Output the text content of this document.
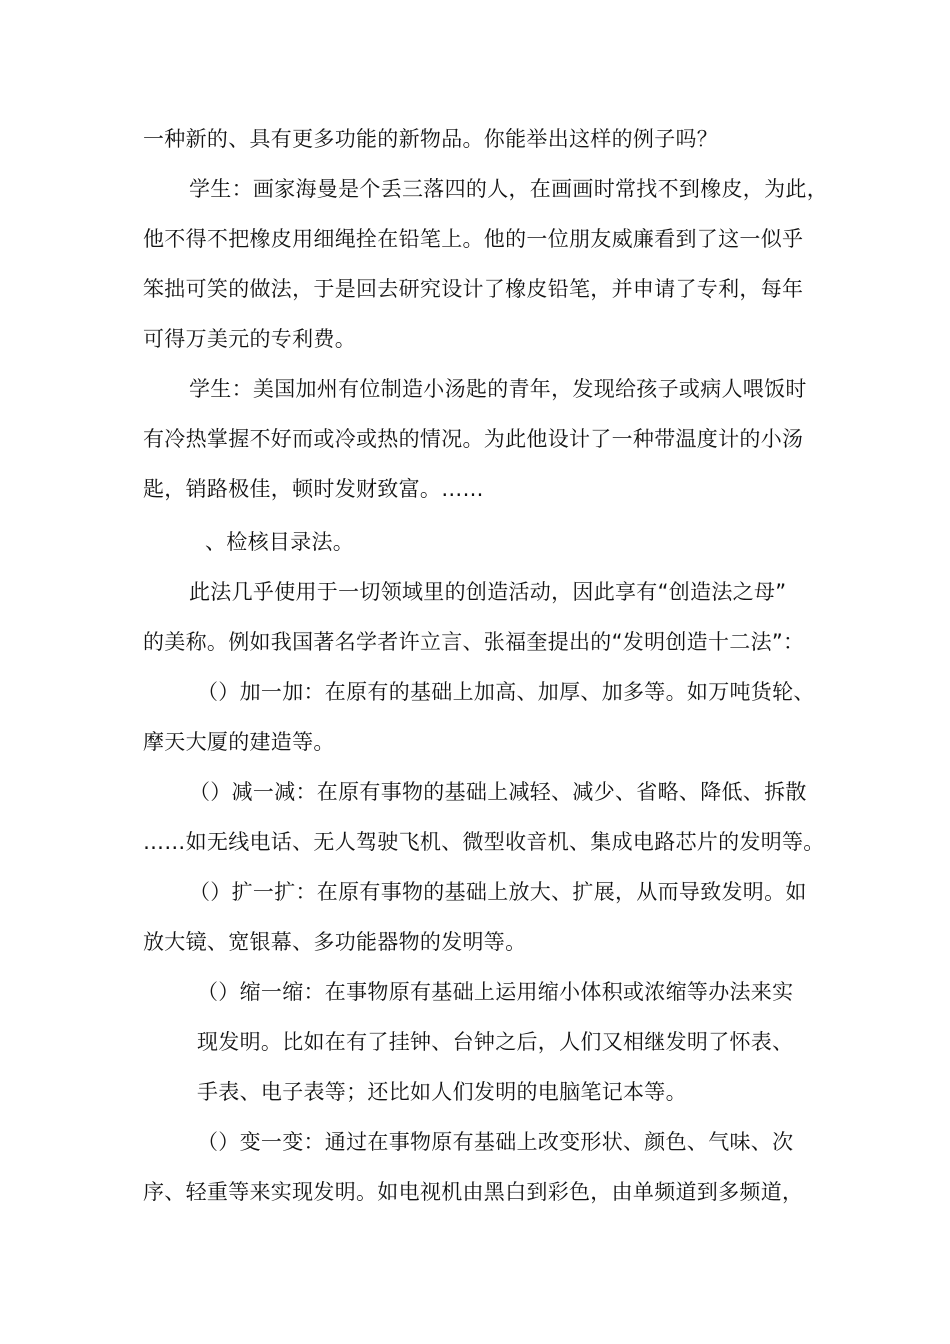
一种新的、具有更多功能的新物品。你能举出这样的例子吗？
学生：画家海曼是个丢三落四的人，在画画时常找不到橡皮，为此，
他不得不把橡皮用细绳拴在铅笔上。他的一位朋友威廉看到了这一似乎
笨拙可笑的做法，于是回去研究设计了橡皮铅笔，并申请了专利，每年
可得万美元的专利费。
学生：美国加州有位制造小汤匙的青年，发现给孩子或病人喂饭时
有冷热掌握不好而或冷或热的情况。为此他设计了一种带温度计的小汤
匙，销路极佳，顿时发财致富。……
、检核目录法。
此法几乎使用于一切领域里的创造活动，因此享有“创造法之母”
的美称。例如我国著名学者许立言、张福奎提出的“发明创造十二法”：
（）加一加：在原有的基础上加高、加厚、加多等。如万吨货轮、
摩天大厦的建造等。
（）减一减：在原有事物的基础上减轻、减少、省略、降低、拆散
……如无线电话、无人驾驶飞机、微型收音机、集成电路芯片的发明等。
（）扩一扩：在原有事物的基础上放大、扩展，从而导致发明。如
放大镜、宽银幕、多功能器物的发明等。
（）缩一缩：在事物原有基础上运用缩小体积或浓缩等办法来实
现发明。比如在有了挂钟、台钟之后，人们又相继发明了怀表、
手表、电子表等；还比如人们发明的电脑笔记本等。
（）变一变：通过在事物原有基础上改变形状、颜色、气味、次
序、轻重等来实现发明。如电视机由黑白到彩色，由单频道到多频道，
